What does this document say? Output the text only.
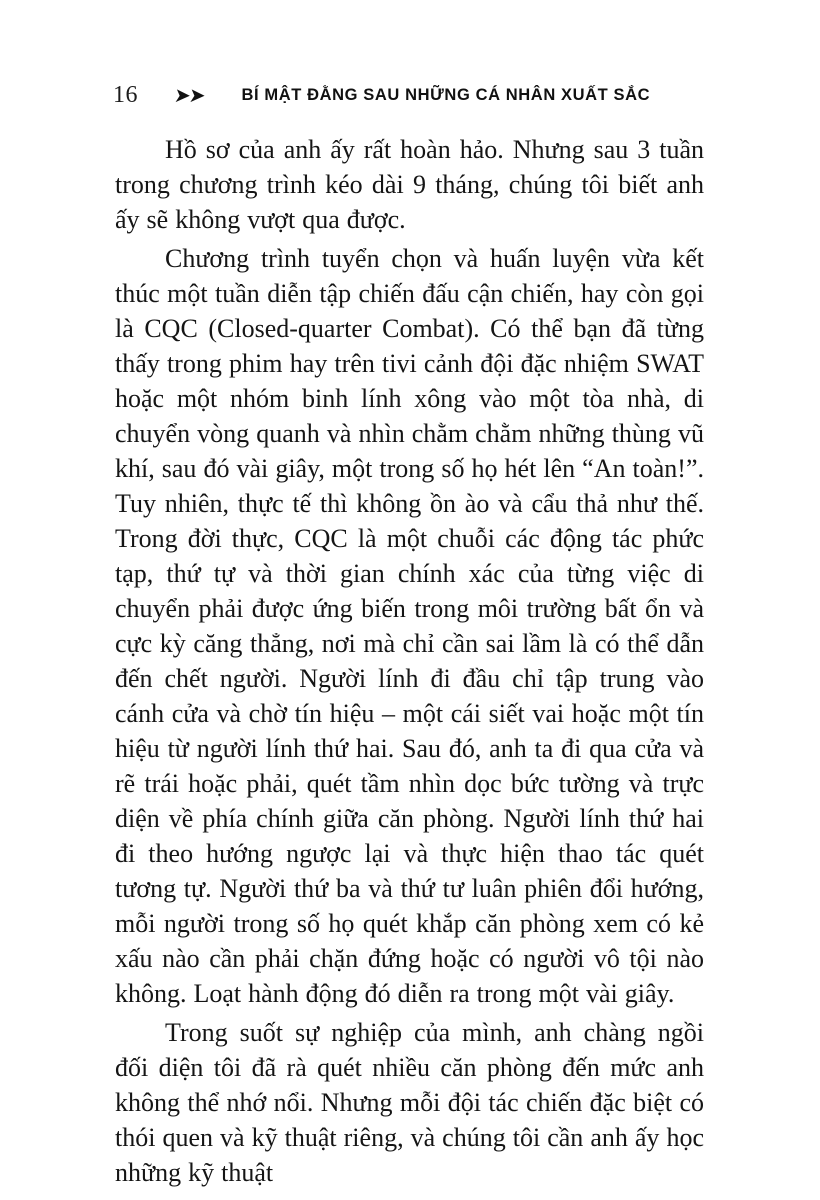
16 ➤➤ BÍ MẬT ĐẰNG SAU NHỮNG CÁ NHÂN XUẤT SẮC

Hồ sơ của anh ấy rất hoàn hảo. Nhưng sau 3 tuần trong chương trình kéo dài 9 tháng, chúng tôi biết anh ấy sẽ không vượt qua được.

Chương trình tuyển chọn và huấn luyện vừa kết thúc một tuần diễn tập chiến đấu cận chiến, hay còn gọi là CQC (Closed-quarter Combat). Có thể bạn đã từng thấy trong phim hay trên tivi cảnh đội đặc nhiệm SWAT hoặc một nhóm binh lính xông vào một tòa nhà, di chuyển vòng quanh và nhìn chằm chằm những thùng vũ khí, sau đó vài giây, một trong số họ hét lên “An toàn!”. Tuy nhiên, thực tế thì không ồn ào và cẩu thả như thế. Trong đời thực, CQC là một chuỗi các động tác phức tạp, thứ tự và thời gian chính xác của từng việc di chuyển phải được ứng biến trong môi trường bất ổn và cực kỳ căng thẳng, nơi mà chỉ cần sai lầm là có thể dẫn đến chết người. Người lính đi đầu chỉ tập trung vào cánh cửa và chờ tín hiệu – một cái siết vai hoặc một tín hiệu từ người lính thứ hai. Sau đó, anh ta đi qua cửa và rẽ trái hoặc phải, quét tầm nhìn dọc bức tường và trực diện về phía chính giữa căn phòng. Người lính thứ hai đi theo hướng ngược lại và thực hiện thao tác quét tương tự. Người thứ ba và thứ tư luân phiên đổi hướng, mỗi người trong số họ quét khắp căn phòng xem có kẻ xấu nào cần phải chặn đứng hoặc có người vô tội nào không. Loạt hành động đó diễn ra trong một vài giây.

Trong suốt sự nghiệp của mình, anh chàng ngồi đối diện tôi đã rà quét nhiều căn phòng đến mức anh không thể nhớ nổi. Nhưng mỗi đội tác chiến đặc biệt có thói quen và kỹ thuật riêng, và chúng tôi cần anh ấy học những kỹ thuật
